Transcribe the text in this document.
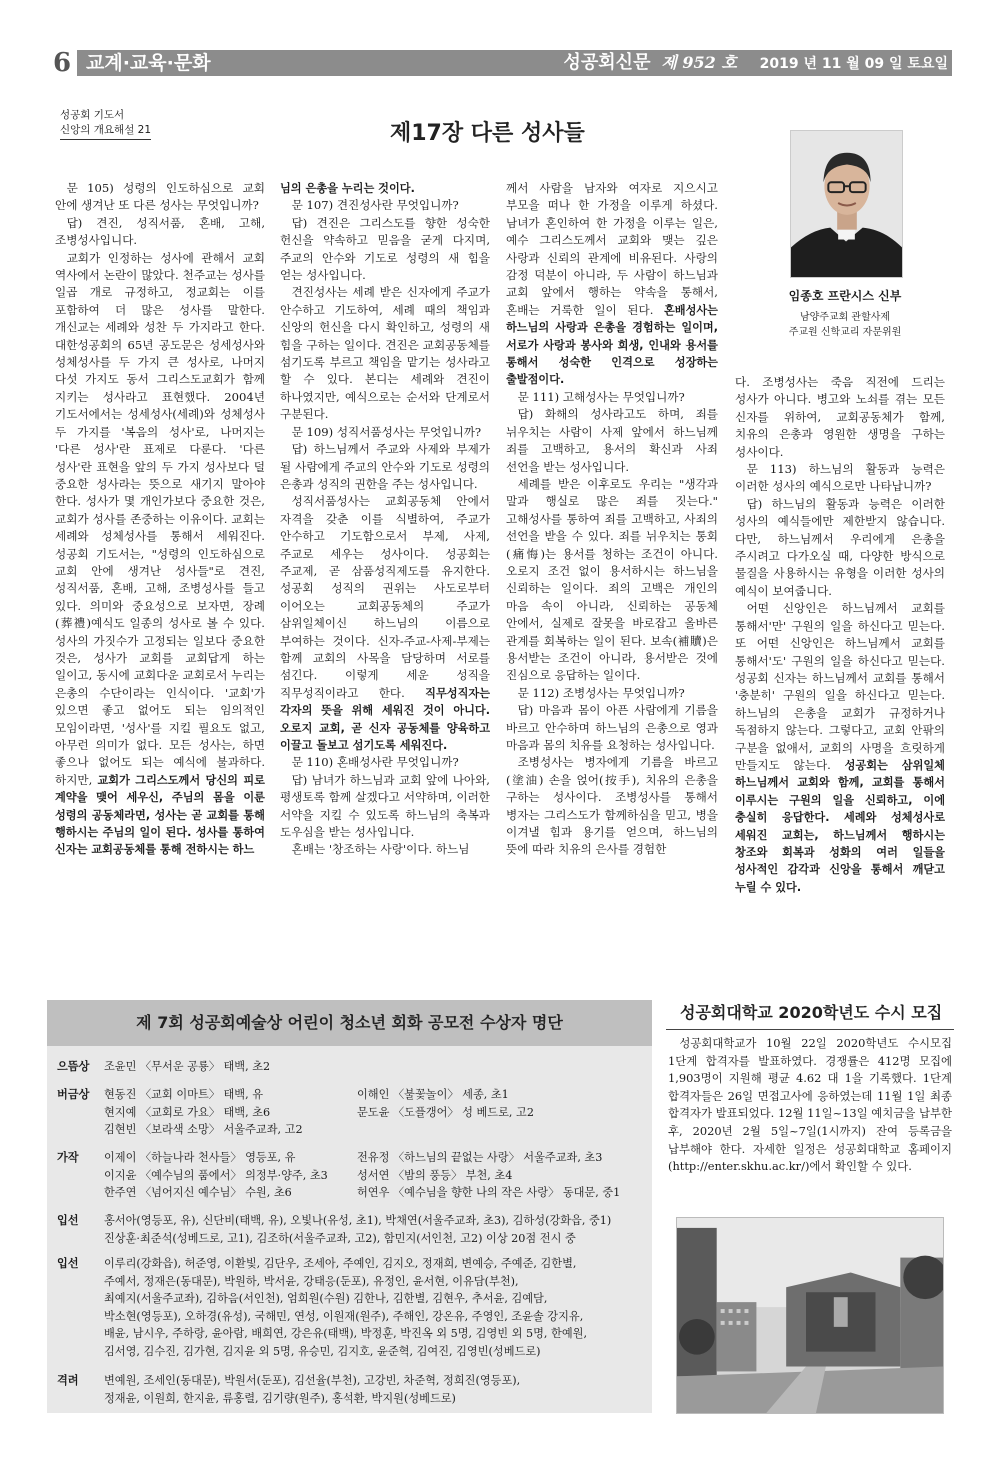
6 교계·교육·문화	성공회신문 제 952 호 2019 년 11 월 09 일 토요일
성공회 기도서
신앙의 개요해설 21	제17장 다른 성사들
임종호 프란시스 신부
남양주교회 관할사제
주교원 신학교리 자문위원

문 105) 성령의 인도하심으로 교회 안에 생겨난 또 다른 성사는 무엇입니까?

답) 견진, 성직서품, 혼배, 고해, 조병성사입니다.

교회가 인정하는 성사에 관해서 교회 역사에서 논란이 많았다. 천주교는 성사를 일곱 개로 규정하고, 정교회는 이를 포함하여 더 많은 성사를 말한다. 개신교는 세례와 성찬 두 가지라고 한다. 대한성공회의 65년 공도문은 성세성사와 성체성사를 두 가지 큰 성사로, 나머지 다섯 가지도 동서 그리스도교회가 함께 지키는 성사라고 표현했다. 2004년 기도서에서는 성세성사(세례)와 성체성사 두 가지를 '복음의 성사'로, 나머지는 '다른 성사'란 표제로 다룬다. '다른 성사'란 표현을 앞의 두 가지 성사보다 덜 중요한 성사라는 뜻으로 새기지 말아야 한다. 성사가 몇 개인가보다 중요한 것은, 교회가 성사를 존중하는 이유이다. 교회는 세례와 성체성사를 통해서 세워진다. 성공회 기도서는, "성령의 인도하심으로 교회 안에 생겨난 성사들"로 견진, 성직서품, 혼배, 고해, 조병성사를 들고 있다. 의미와 중요성으로 보자면, 장례(葬禮)예식도 일종의 성사로 볼 수 있다. 성사의 가짓수가 고정되는 일보다 중요한 것은, 성사가 교회를 교회답게 하는 일이고, 동시에 교회다운 교회로서 누리는 은총의 수단이라는 인식이다. '교회'가 있으면 좋고 없어도 되는 임의적인 모임이라면, '성사'를 지킬 필요도 없고, 아무런 의미가 없다. 모든 성사는, 하면 좋으나 없어도 되는 예식에 불과하다. 하지만, 교회가 그리스도께서 당신의 피로 계약을 맺어 세우신, 주님의 몸을 이룬 성령의 공동체라면, 성사는 곧 교회를 통해 행하시는 주님의 일이 된다. 성사를 통하여 신자는 교회공동체를 통해 전하시는 하느

님의 은총을 누리는 것이다.

문 107) 견진성사란 무엇입니까?

답) 견진은 그리스도를 향한 성숙한 헌신을 약속하고 믿음을 굳게 다지며, 주교의 안수와 기도로 성령의 새 힘을 얻는 성사입니다.

견진성사는 세례 받은 신자에게 주교가 안수하고 기도하여, 세례 때의 책임과 신앙의 헌신을 다시 확인하고, 성령의 새 힘을 구하는 일이다. 견진은 교회공동체를 섬기도록 부르고 책임을 맡기는 성사라고 할 수 있다. 본디는 세례와 견진이 하나였지만, 예식으로는 순서와 단계로서 구분된다.

문 109) 성직서품성사는 무엇입니까?

답) 하느님께서 주교와 사제와 부제가 될 사람에게 주교의 안수와 기도로 성령의 은총과 성직의 권한을 주는 성사입니다.

성직서품성사는 교회공동체 안에서 자격을 갖춘 이를 식별하여, 주교가 안수하고 기도함으로서 부제, 사제, 주교로 세우는 성사이다. 성공회는 주교제, 곧 삼품성직제도를 유지한다. 성공회 성직의 권위는 사도로부터 이어오는 교회공동체의 주교가 삼위일체이신 하느님의 이름으로 부여하는 것이다. 신자-주교-사제-부제는 함께 교회의 사목을 담당하며 서로를 섬긴다. 이렇게 세운 성직을 직무성직이라고 한다. 직무성직자는 각자의 뜻을 위해 세워진 것이 아니다. 오로지 교회, 곧 신자 공동체를 양육하고 이끌고 돌보고 섬기도록 세워진다.

문 110) 혼배성사란 무엇입니까?

답) 남녀가 하느님과 교회 앞에 나아와, 평생토록 함께 살겠다고 서약하며, 이러한 서약을 지킬 수 있도록 하느님의 축복과 도우심을 받는 성사입니다.

혼배는 '창조하는 사랑'이다. 하느님

께서 사람을 남자와 여자로 지으시고 부모을 떠나 한 가정을 이루게 하셨다. 남녀가 혼인하여 한 가정을 이루는 일은, 예수 그리스도께서 교회와 맺는 깊은 사랑과 신뢰의 관계에 비유된다. 사랑의 감정 덕분이 아니라, 두 사람이 하느님과 교회 앞에서 행하는 약속을 통해서, 혼배는 거룩한 일이 된다. 혼배성사는 하느님의 사랑과 은총을 경험하는 일이며, 서로가 사랑과 봉사와 희생, 인내와 용서를 통해서 성숙한 인격으로 성장하는 출발점이다.

문 111) 고해성사는 무엇입니까?

답) 화해의 성사라고도 하며, 죄를 뉘우치는 사람이 사제 앞에서 하느님께 죄를 고백하고, 용서의 확신과 사죄 선언을 받는 성사입니다.

세례를 받은 이후로도 우리는 "생각과 말과 행실로 많은 죄를 짓는다." 고해성사를 통하여 죄를 고백하고, 사죄의 선언을 받을 수 있다. 죄를 뉘우치는 통회(痛悔)는 용서를 청하는 조건이 아니다. 오로지 조건 없이 용서하시는 하느님을 신뢰하는 일이다. 죄의 고백은 개인의 마음 속이 아니라, 신뢰하는 공동체 안에서, 실제로 잘못을 바로잡고 올바른 관계를 회복하는 일이 된다. 보속(補贖)은 용서받는 조건이 아니라, 용서받은 것에 진심으로 응답하는 일이다.

문 112) 조병성사는 무엇입니까?

답) 마음과 몸이 아픈 사람에게 기름을 바르고 안수하며 하느님의 은총으로 영과 마음과 몸의 치유를 요청하는 성사입니다.

조병성사는 병자에게 기름을 바르고(塗油) 손을 얹어(按手), 치유의 은총을 구하는 성사이다. 조병성사를 통해서 병자는 그리스도가 함께하심을 믿고, 병을 이겨낼 힘과 용기를 얻으며, 하느님의 뜻에 따라 치유의 은사를 경험한

다. 조병성사는 죽음 직전에 드리는 성사가 아니다. 병고와 노쇠를 겪는 모든 신자를 위하여, 교회공동체가 함께, 치유의 은총과 영원한 생명을 구하는 성사이다.

문 113) 하느님의 활동과 능력은 이러한 성사의 예식으로만 나타납니까?

답) 하느님의 활동과 능력은 이러한 성사의 예식들에만 제한받지 않습니다. 다만, 하느님께서 우리에게 은총을 주시려고 다가오실 때, 다양한 방식으로 물질을 사용하시는 유형을 이러한 성사의 예식이 보여줍니다.

어떤 신앙인은 하느님께서 교회를 통해서'만' 구원의 일을 하신다고 믿는다. 또 어떤 신앙인은 하느님께서 교회를 통해서'도' 구원의 일을 하신다고 믿는다. 성공회 신자는 하느님께서 교회를 통해서 '충분히' 구원의 일을 하신다고 믿는다. 하느님의 은총을 교회가 규정하거나 독점하지 않는다. 그렇다고, 교회 안팎의 구분을 없애서, 교회의 사명을 흐릿하게 만들지도 않는다. 성공회는 삼위일체 하느님께서 교회와 함께, 교회를 통해서 이루시는 구원의 일을 신뢰하고, 이에 충실히 응답한다. 세례와 성체성사로 세워진 교회는, 하느님께서 행하시는 창조와 회복과 성화의 여러 일들을 성사적인 감각과 신앙을 통해서 깨닫고 누릴 수 있다.

제 7회 성공회예술상 어린이 청소년 회화 공모전 수상자 명단
으뜸상	조윤민 〈무서운 공룡〉 태백, 초2
버금상	현동진 〈교회 이마트〉 태백, 유	이해인 〈불꽃놀이〉 세종, 초1
현지예 〈교회로 가요〉 태백, 초6	문도윤 〈도플갱어〉 성 베드로, 고2
김현빈 〈보라색 소망〉 서울주교좌, 고2
가작	이제이 〈하늘나라 천사들〉 영등포, 유	전유정 〈하느님의 끝없는 사랑〉 서울주교좌, 초3
이지윤 〈예수님의 품에서〉 의정부·양주, 초3	성서연 〈밤의 풍등〉 부천, 초4
한주연 〈넘어지신 예수님〉 수원, 초6	허연우 〈예수님을 향한 나의 작은 사랑〉 동대문, 중1
입선	홍서아(영등포, 유), 신단비(태백, 유), 오빛나(유성, 초1), 박채연(서울주교좌, 초3), 김하성(강화읍, 중1)
진상훈·최준석(성베드로, 고1), 김조하(서울주교좌, 고2), 함민지(서인천, 고2) 이상 20점 전시 중
입선	이루리(강화읍), 허준영, 이환빛, 김단우, 조세아, 주예인, 김지오, 정재희, 변예승, 주예준, 김한별,
주예서, 정재은(동대문), 박원하, 박서윤, 강태응(둔포), 유정인, 윤서현, 이유담(부천),
최예지(서울주교좌), 김하음(서인천), 엄희원(수원) 김한나, 김한별, 김현우, 추서윤, 김예담,
박소현(영등포), 오하경(유성), 국해민, 연성, 이원재(원주), 주해인, 강온유, 주영인, 조윤솔 강지유,
배윤, 남시우, 주하랑, 윤아람, 배희연, 강은유(태백), 박정훈, 박진옥 외 5명, 김영빈 외 5명, 한예원,
김서영, 김수진, 김가현, 김지윤 외 5명, 유승민, 김지호, 윤준혁, 김여진, 김영빈(성베드로)
격려	변예원, 조세인(동대문), 박원서(둔포), 김선율(부천), 고강빈, 차준혁, 정희진(영등포),
정재윤, 이원희, 한지윤, 류홍렬, 김기량(원주), 홍석환, 박지원(성베드로)
성공회대학교 2020학년도 수시 모집

성공회대학교가 10월 22일 2020학년도 수시모집 1단계 합격자를 발표하였다. 경쟁률은 412명 모집에 1,903명이 지원해 평균 4.62 대 1을 기록했다. 1단계 합격자들은 26일 면접고사에 응하였는데 11월 1일 최종 합격자가 발표되었다. 12월 11일~13일 예치금을 납부한 후, 2020년 2월 5일~7일(1시까지) 잔여 등록금을 납부해야 한다. 자세한 일정은 성공회대학교 홈페이지(http://enter.skhu.ac.kr/)에서 확인할 수 있다.
